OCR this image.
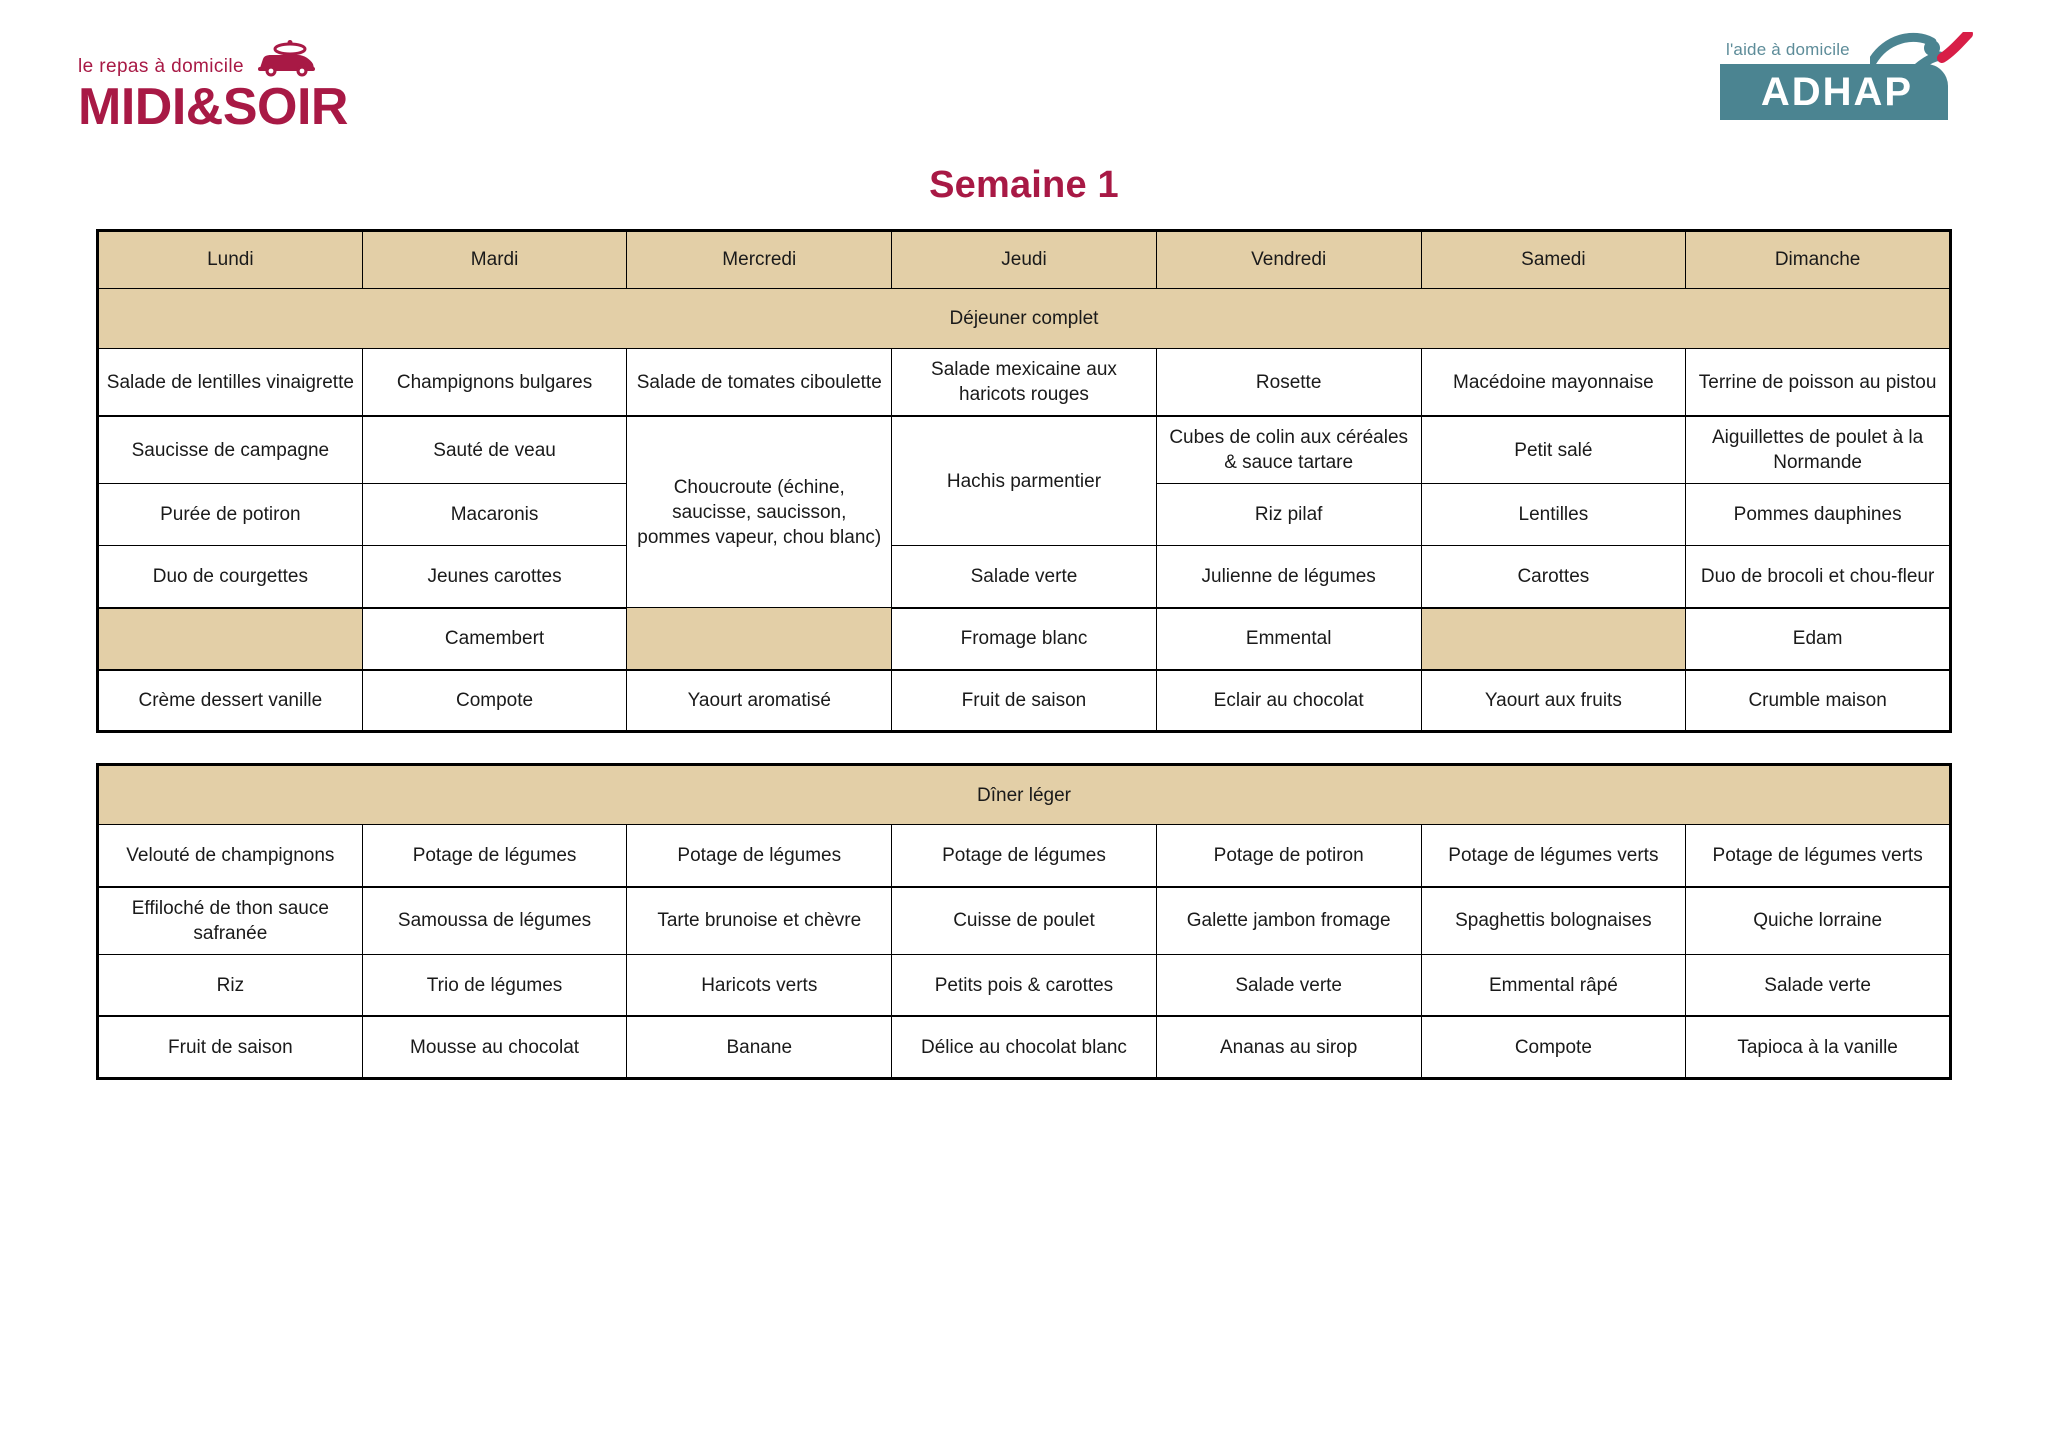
le repas à domicile
MIDI&SOIR
l'aide à domicile
ADHAP
Semaine 1
Lundi	Mardi	Mercredi	Jeudi	Vendredi	Samedi	Dimanche
Déjeuner complet						
Salade de lentilles vinaigrette	Champignons bulgares	Salade de tomates ciboulette	Salade mexicaine aux haricots rouges	Rosette	Macédoine mayonnaise	Terrine de poisson au pistou
Saucisse de campagne	Sauté de veau	Choucroute (échine, saucisse, saucisson, pommes vapeur, chou blanc)	Hachis parmentier	Cubes de colin aux céréales & sauce tartare	Petit salé	Aiguillettes de poulet à la Normande
Purée de potiron	Macaronis			Riz pilaf	Lentilles	Pommes dauphines
Duo de courgettes	Jeunes carottes		Salade verte	Julienne de légumes	Carottes	Duo de brocoli et chou-fleur
	Camembert		Fromage blanc	Emmental		Edam
Crème dessert vanille	Compote	Yaourt aromatisé	Fruit de saison	Eclair au chocolat	Yaourt aux fruits	Crumble maison
Dîner léger						
Velouté de champignons	Potage de légumes	Potage de légumes	Potage de légumes	Potage de potiron	Potage de légumes verts	Potage de légumes verts
Effiloché de thon sauce safranée	Samoussa de légumes	Tarte brunoise et chèvre	Cuisse de poulet	Galette jambon fromage	Spaghettis bolognaises	Quiche lorraine
Riz	Trio de légumes	Haricots verts	Petits pois & carottes	Salade verte	Emmental râpé	Salade verte
Fruit de saison	Mousse au chocolat	Banane	Délice au chocolat blanc	Ananas au sirop	Compote	Tapioca à la vanille
